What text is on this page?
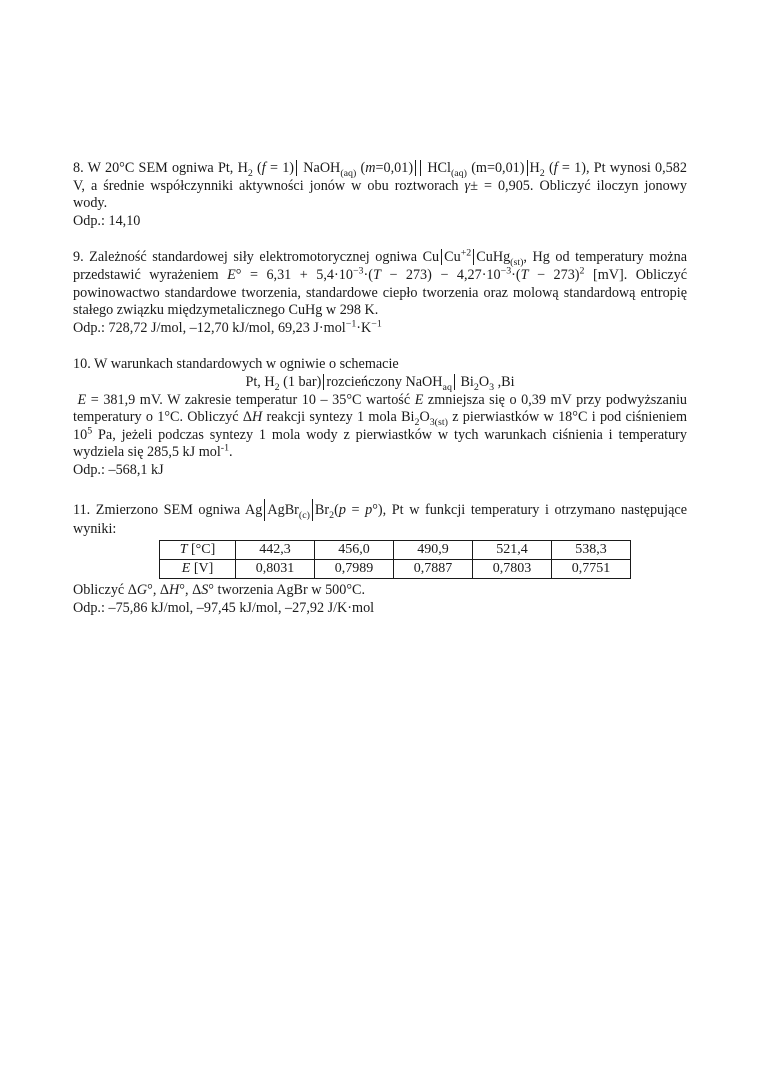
8. W 20°C SEM ogniwa Pt, $H_2$ (f = 1) NaOH$_{(aq)}$ (m=0,01) HCl$_{(aq)}$ (m=0,01) $H_2$ (f = 1), Pt wynosi 0,582 V, a średnie współczynniki aktywności jonów w obu roztworach γ± = 0,905. Obliczyć iloczyn jonowy wody.
Odp.: 14,10
9. Zależność standardowej siły elektromotorycznej ogniwa Cu $Cu^{+2}$ CuHg$_{(st)}$, Hg od temperatury można przedstawić wyrażeniem $E^\circ = 6,31 + 5,4\cdot 10^{-3}\cdot(T - 273) - 4,27\cdot 10^{-3}\cdot(T - 273)^2$ [mV]. Obliczyć powinowactwo standardowe tworzenia, standardowe ciepło tworzenia oraz molową standardową entropię stałego związku międzymetalicznego CuHg w 298 K.
Odp.: 728,72 J/mol, –12,70 kJ/mol, 69,23 $J\cdot mol^{-1}\cdot K^{-1}$
10. W warunkach standardowych w ogniwie o schemacie
Pt, $H_2$ (1 bar) rozcieńczony NaOH$_{aq}$ $Bi_2O_3$ ,Bi
E = 381,9 mV. W zakresie temperatur 10 – 35°C wartość E zmniejsza się o 0,39 mV przy podwyższaniu temperatury o 1°C. Obliczyć ΔH reakcji syntezy 1 mola $Bi_2O_{3(st)}$ z pierwiastków w 18°C i pod ciśnieniem $10^5$ Pa, jeżeli podczas syntezy 1 mola wody z pierwiastków w tych warunkach ciśnienia i temperatury wydziela się 285,5 kJ mol$^{-1}$.
Odp.: –568,1 kJ
11. Zmierzono SEM ogniwa Ag AgBr$_{(c)}$ $Br_2(p = p^\circ)$, Pt w funkcji temperatury i otrzymano następujące wyniki:
T [°C]	442,3	456,0	490,9	521,4	538,3
E [V]	0,8031	0,7989	0,7887	0,7803	0,7751
Obliczyć ΔG°, ΔH°, ΔS° tworzenia AgBr w 500°C.
Odp.: –75,86 kJ/mol, –97,45 kJ/mol, –27,92 J/K·mol
